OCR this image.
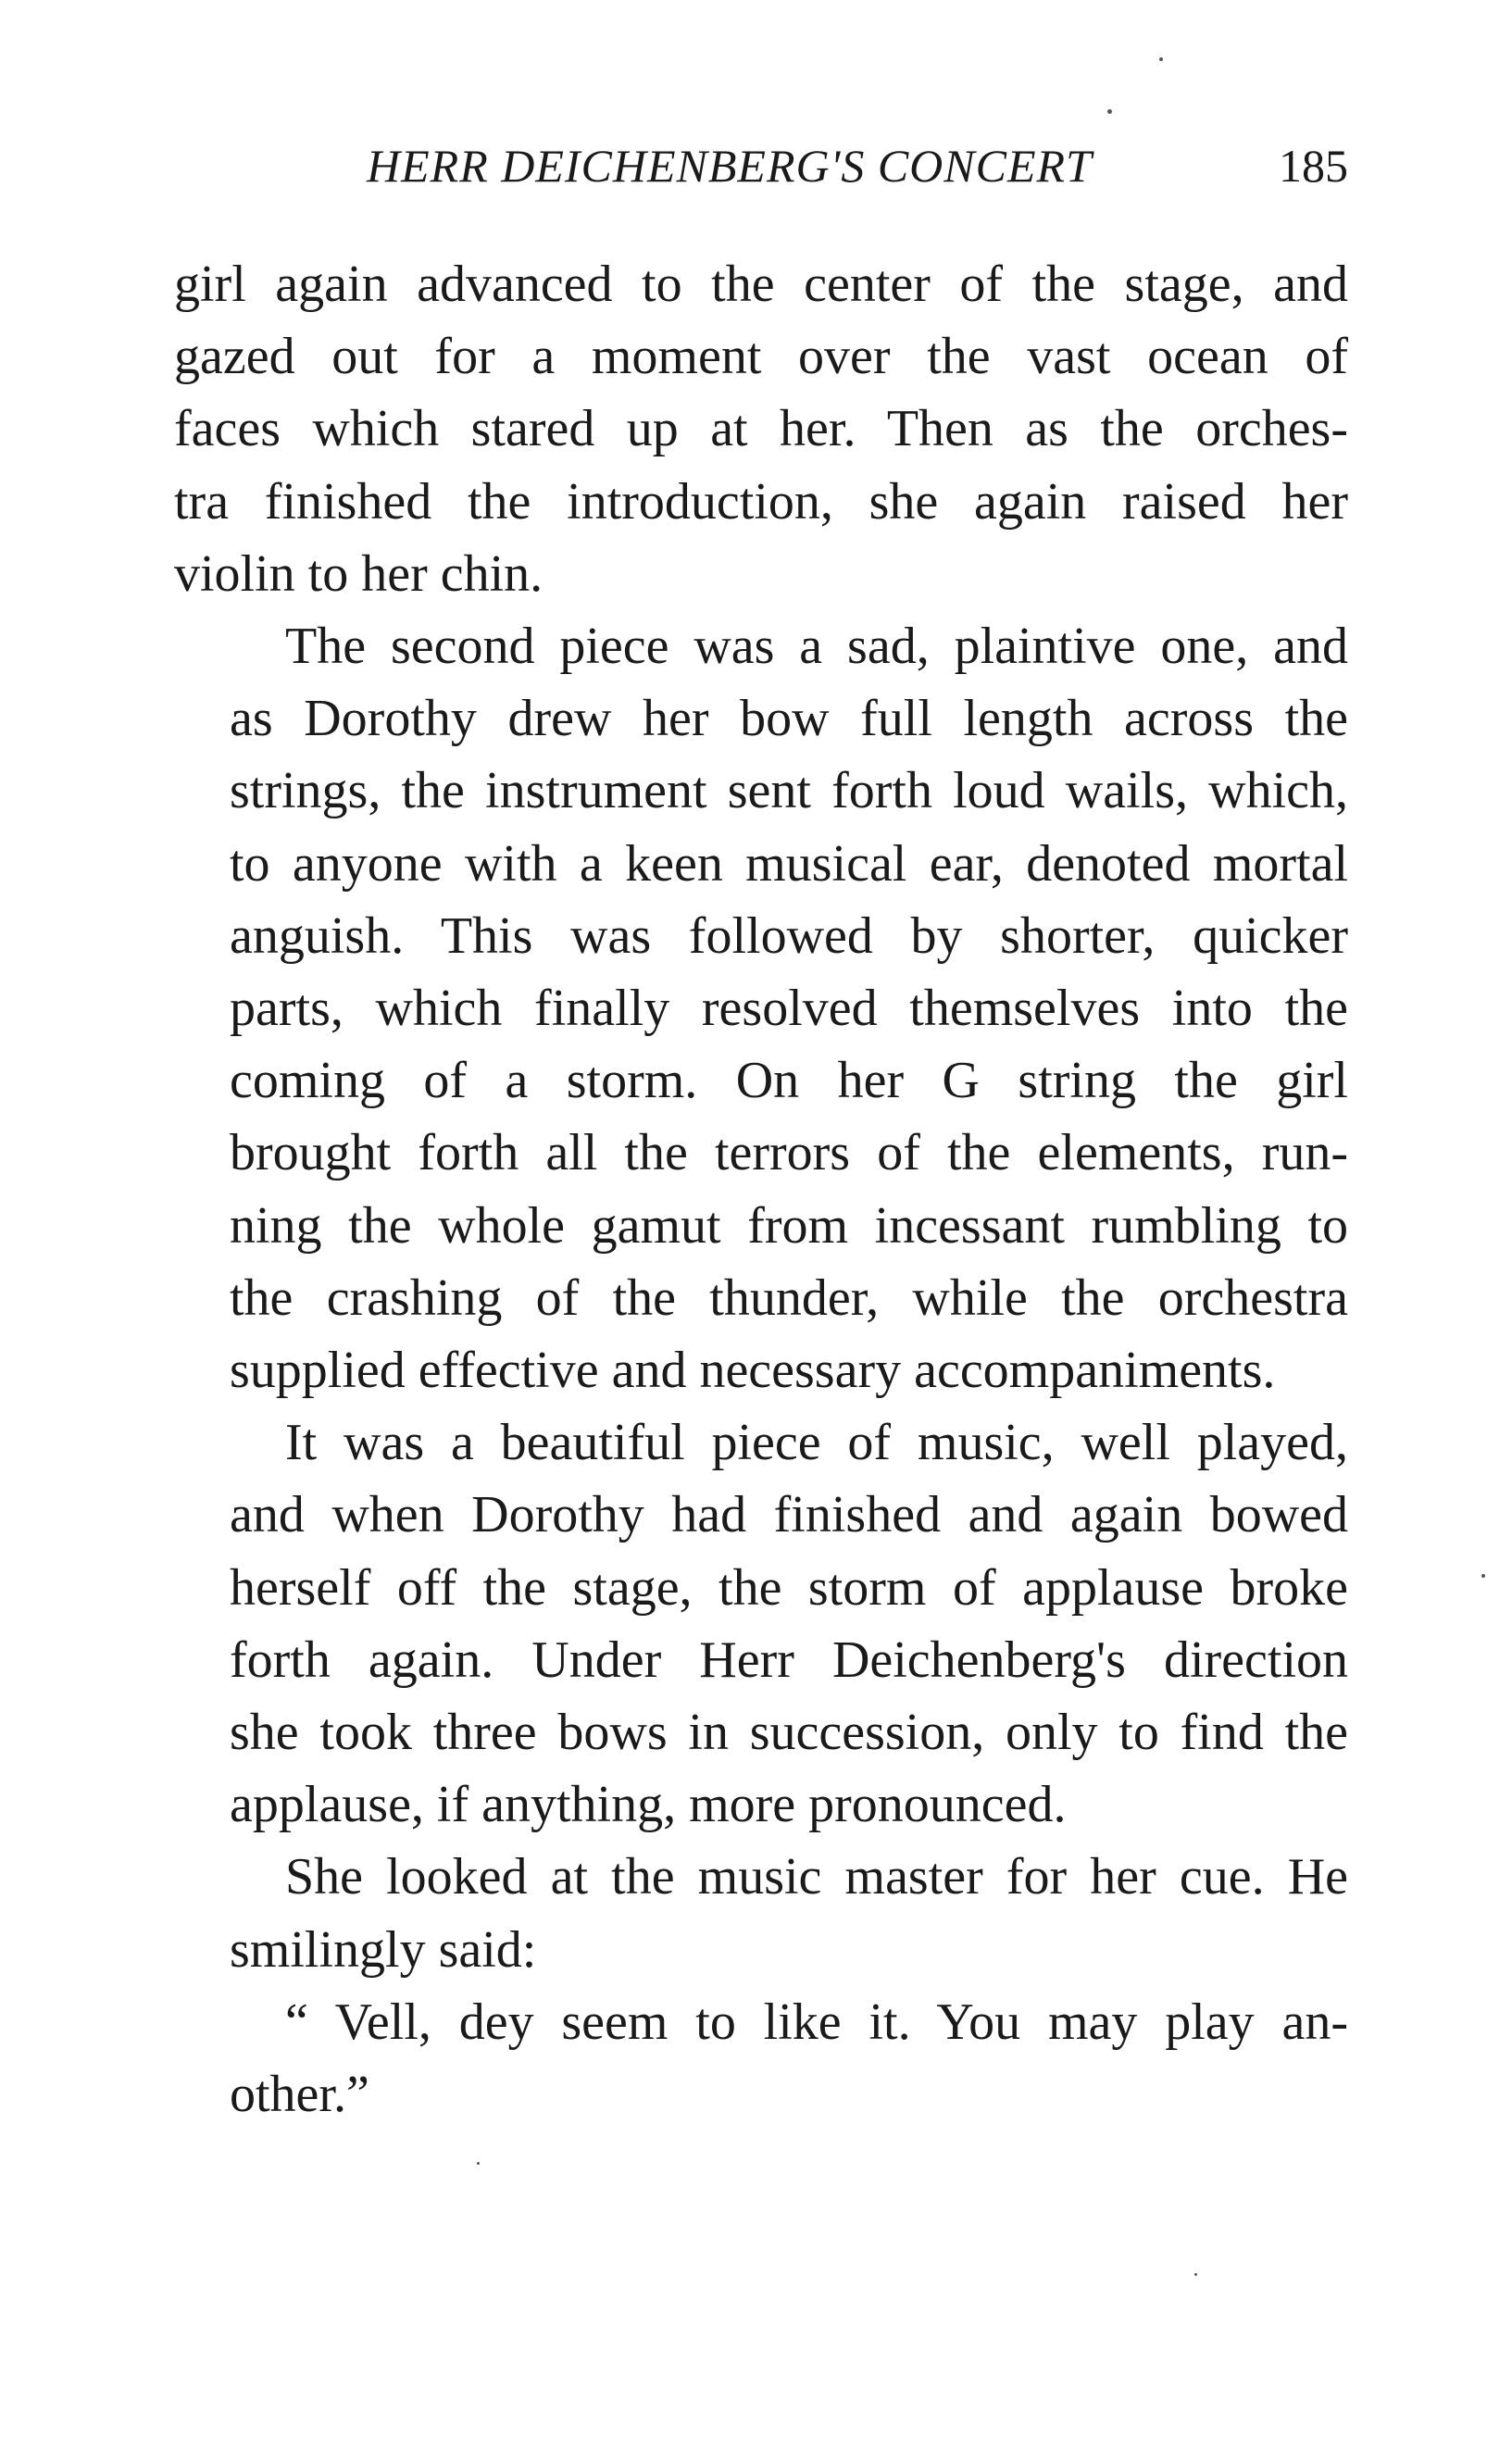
HERR DEICHENBERG'S CONCERT	185

girl again advanced to the center of the stage, and
gazed out for a moment over the vast ocean of
faces which stared up at her. Then as the orches-
tra finished the introduction, she again raised her
violin to her chin.

The second piece was a sad, plaintive one, and
as Dorothy drew her bow full length across the
strings, the instrument sent forth loud wails, which,
to anyone with a keen musical ear, denoted mortal
anguish. This was followed by shorter, quicker
parts, which finally resolved themselves into the
coming of a storm. On her G string the girl
brought forth all the terrors of the elements, run-
ning the whole gamut from incessant rumbling to
the crashing of the thunder, while the orchestra
supplied effective and necessary accompaniments.

It was a beautiful piece of music, well played,
and when Dorothy had finished and again bowed
herself off the stage, the storm of applause broke
forth again. Under Herr Deichenberg's direction
she took three bows in succession, only to find the
applause, if anything, more pronounced.

She looked at the music master for her cue. He
smilingly said:

“ Vell, dey seem to like it. You may play an-
other.”
